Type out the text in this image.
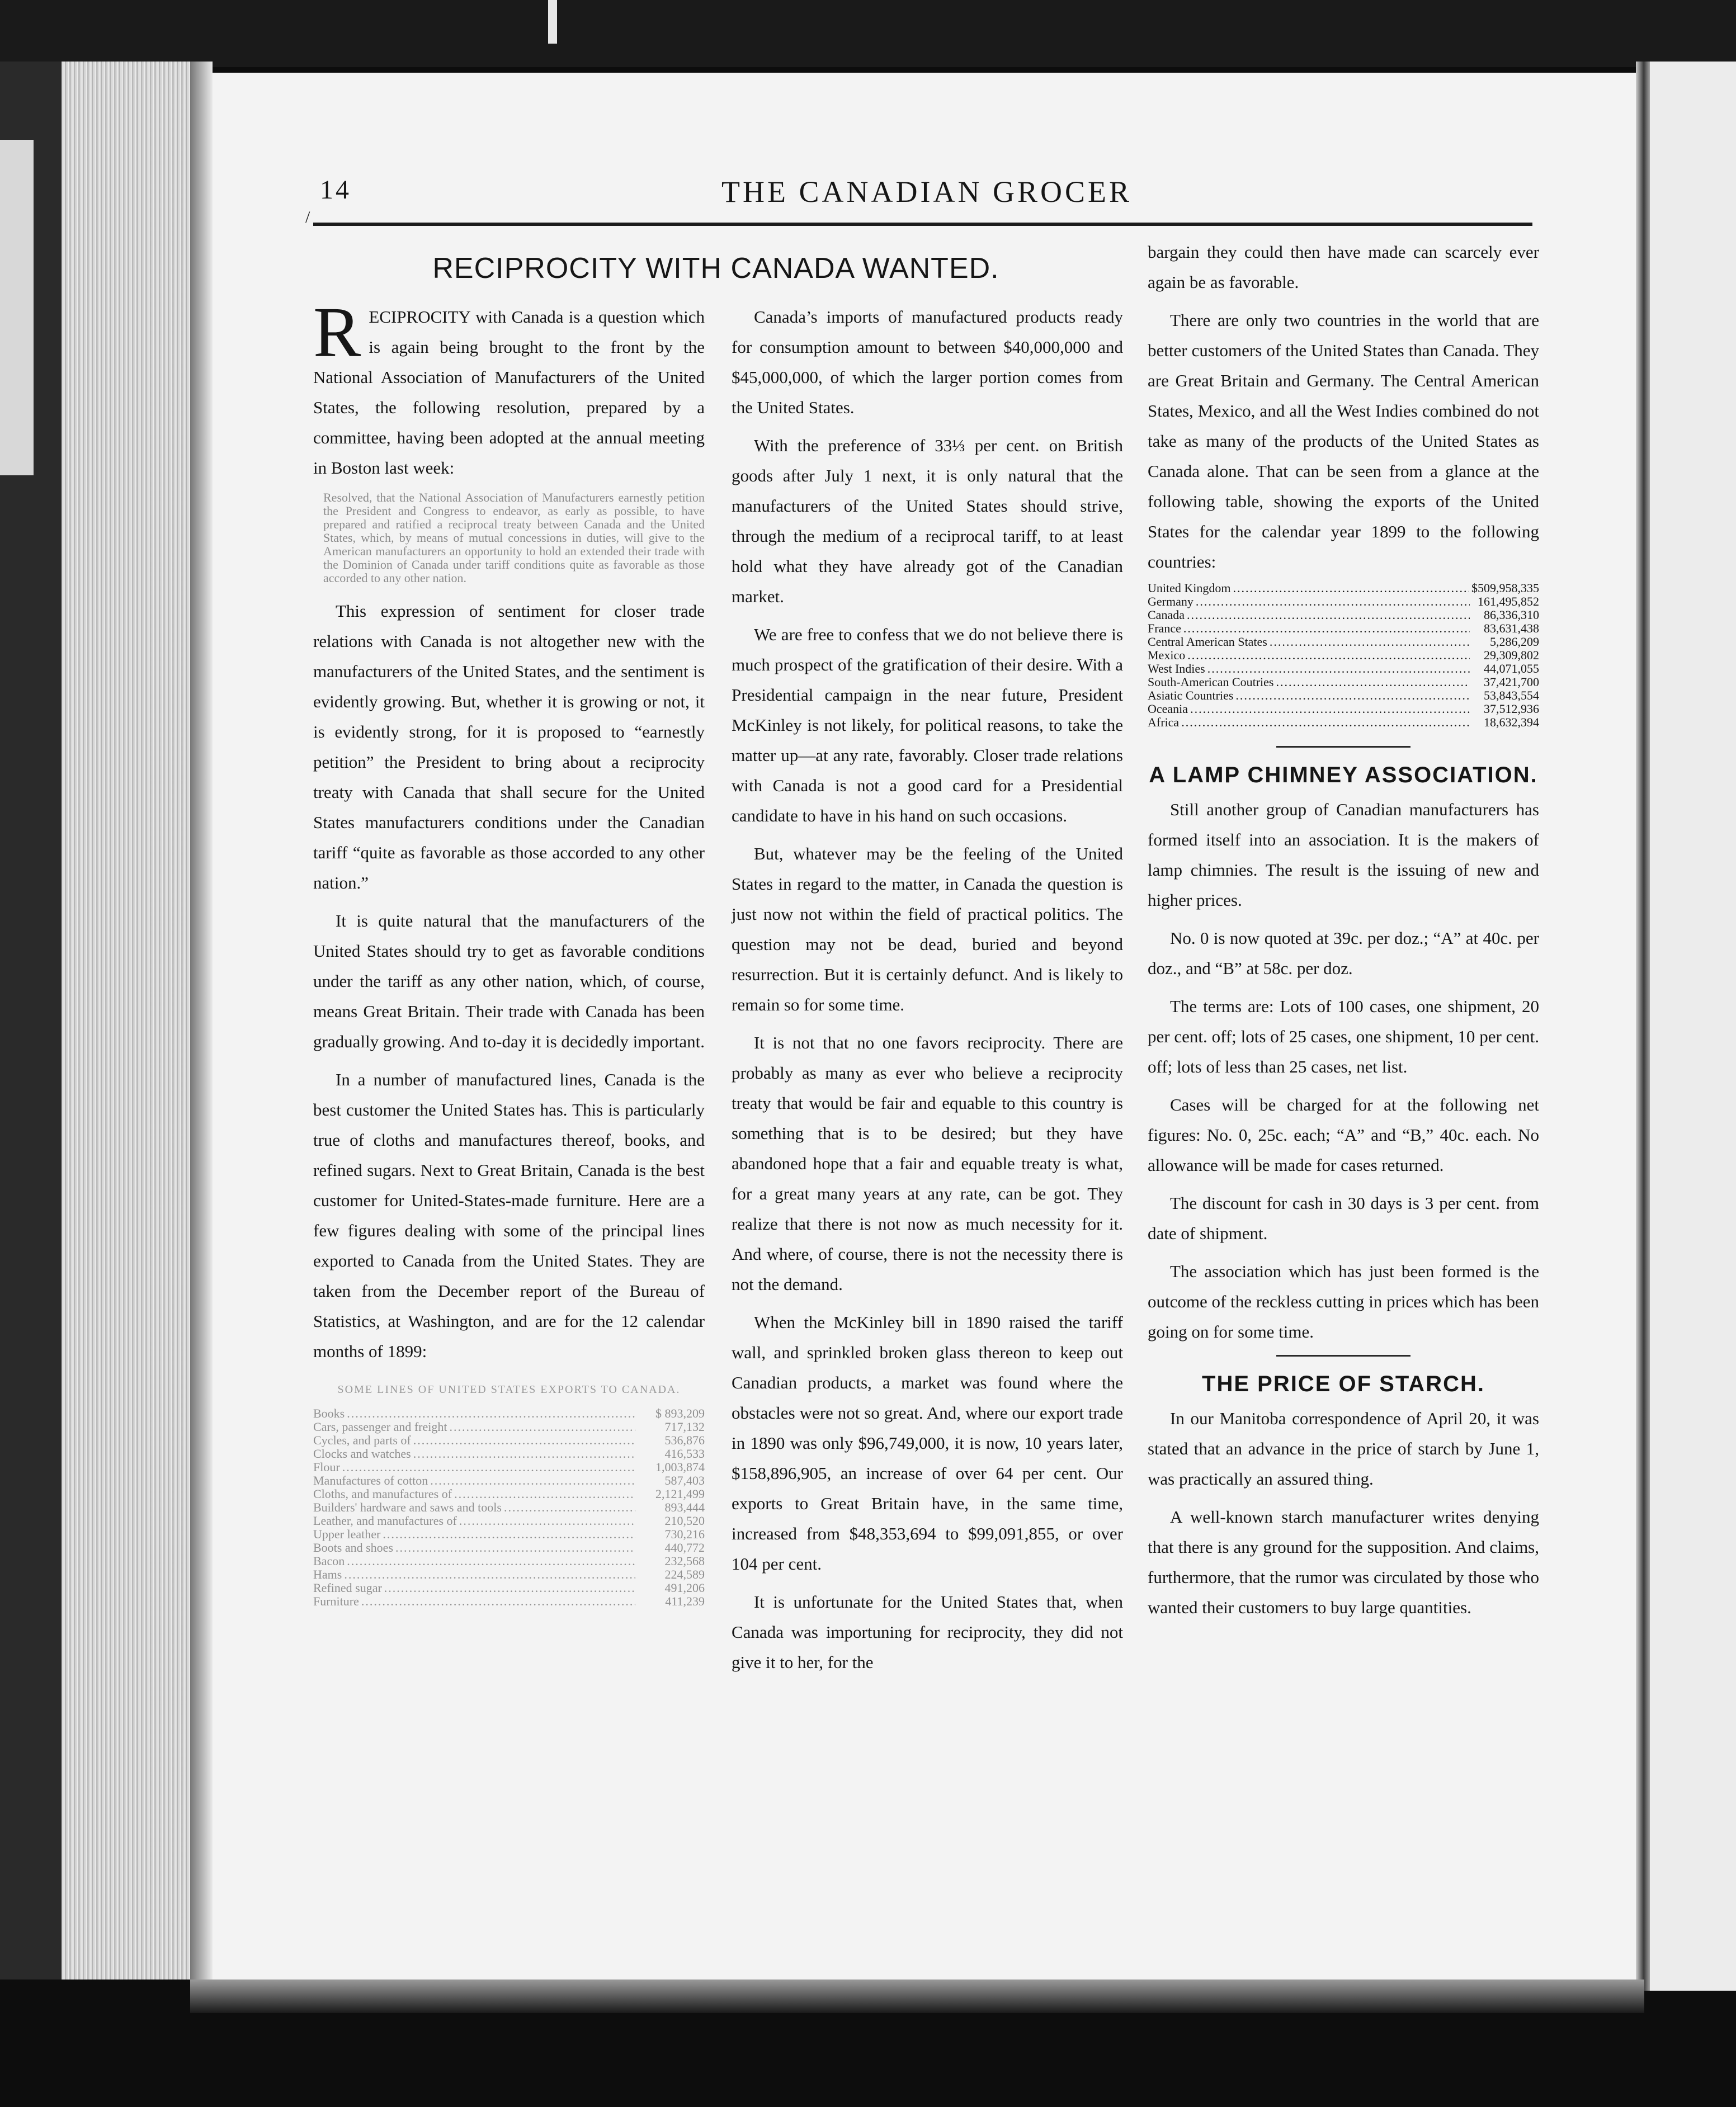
14
/
THE CANADIAN GROCER
RECIPROCITY WITH CANADA WANTED.

R ECIPROCITY with Canada is a question which is again being brought to the front by the National Association of Manufacturers of the United States, the following resolution, prepared by a committee, having been adopted at the annual meeting in Boston last week:

Resolved, that the National Association of Manufacturers earnestly petition the President and Congress to endeavor, as early as possible, to have prepared and ratified a reciprocal treaty between Canada and the United States, which, by means of mutual concessions in duties, will give to the American manufacturers an opportunity to hold an extended their trade with the Dominion of Canada under tariff conditions quite as favorable as those accorded to any other nation.

This expression of sentiment for closer trade relations with Canada is not altogether new with the manufacturers of the United States, and the sentiment is evidently growing. But, whether it is growing or not, it is evidently strong, for it is proposed to “earnestly petition” the President to bring about a reciprocity treaty with Canada that shall secure for the United States manufacturers conditions under the Canadian tariff “quite as favorable as those accorded to any other nation.”

It is quite natural that the manufacturers of the United States should try to get as favorable conditions under the tariff as any other nation, which, of course, means Great Britain. Their trade with Canada has been gradually growing. And to-day it is decidedly important.

In a number of manufactured lines, Canada is the best customer the United States has. This is particularly true of cloths and manufactures thereof, books, and refined sugars. Next to Great Britain, Canada is the best customer for United-States-made furniture. Here are a few figures dealing with some of the principal lines exported to Canada from the United States. They are taken from the December report of the Bureau of Statistics, at Washington, and are for the 12 calendar months of 1899:

SOME LINES OF UNITED STATES EXPORTS TO CANADA.
Books .....	$ 893,209
Cars, passenger and freight .....	717,132
Cycles, and parts of .....	536,876
Clocks and watches .....	416,533
Flour .....	1,003,874
Manufactures of cotton .....	587,403
Cloths, and manufactures of .....	2,121,499
Builders' hardware and saws and tools .....	893,444
Leather, and manufactures of .....	210,520
Upper leather .....	730,216
Boots and shoes .....	440,772
Bacon .....	232,568
Hams .....	224,589
Refined sugar .....	491,206
Furniture .....	411,239

Canada’s imports of manufactured products ready for consumption amount to between $40,000,000 and $45,000,000, of which the larger portion comes from the United States.

With the preference of 33⅓ per cent. on British goods after July 1 next, it is only natural that the manufacturers of the United States should strive, through the medium of a reciprocal tariff, to at least hold what they have already got of the Canadian market.

We are free to confess that we do not believe there is much prospect of the gratification of their desire. With a Presidential campaign in the near future, President McKinley is not likely, for political reasons, to take the matter up—at any rate, favorably. Closer trade relations with Canada is not a good card for a Presidential candidate to have in his hand on such occasions.

But, whatever may be the feeling of the United States in regard to the matter, in Canada the question is just now not within the field of practical politics. The question may not be dead, buried and beyond resurrection. But it is certainly defunct. And is likely to remain so for some time.

It is not that no one favors reciprocity. There are probably as many as ever who believe a reciprocity treaty that would be fair and equable to this country is something that is to be desired; but they have abandoned hope that a fair and equable treaty is what, for a great many years at any rate, can be got. They realize that there is not now as much necessity for it. And where, of course, there is not the necessity there is not the demand.

When the McKinley bill in 1890 raised the tariff wall, and sprinkled broken glass thereon to keep out Canadian products, a market was found where the obstacles were not so great. And, where our export trade in 1890 was only $96,749,000, it is now, 10 years later, $158,896,905, an increase of over 64 per cent. Our exports to Great Britain have, in the same time, increased from $48,353,694 to $99,091,855, or over 104 per cent.

It is unfortunate for the United States that, when Canada was importuning for reciprocity, they did not give it to her, for the

bargain they could then have made can scarcely ever again be as favorable.

There are only two countries in the world that are better customers of the United States than Canada. They are Great Britain and Germany. The Central American States, Mexico, and all the West Indies combined do not take as many of the products of the United States as Canada alone. That can be seen from a glance at the following table, showing the exports of the United States for the calendar year 1899 to the following countries:

United Kingdom .....	$509,958,335
Germany .....	161,495,852
Canada .....	86,336,310
France .....	83,631,438
Central American States .....	5,286,209
Mexico .....	29,309,802
West Indies .....	44,071,055
South-American Coutries .....	37,421,700
Asiatic Countries .....	53,843,554
Oceania .....	37,512,936
Africa .....	18,632,394
A LAMP CHIMNEY ASSOCIATION.

Still another group of Canadian manufacturers has formed itself into an association. It is the makers of lamp chimnies. The result is the issuing of new and higher prices.

No. 0 is now quoted at 39c. per doz.; “A” at 40c. per doz., and “B” at 58c. per doz.

The terms are: Lots of 100 cases, one shipment, 20 per cent. off; lots of 25 cases, one shipment, 10 per cent. off; lots of less than 25 cases, net list.

Cases will be charged for at the following net figures: No. 0, 25c. each; “A” and “B,” 40c. each. No allowance will be made for cases returned.

The discount for cash in 30 days is 3 per cent. from date of shipment.

The association which has just been formed is the outcome of the reckless cutting in prices which has been going on for some time.

THE PRICE OF STARCH.

In our Manitoba correspondence of April 20, it was stated that an advance in the price of starch by June 1, was practically an assured thing.

A well-known starch manufacturer writes denying that there is any ground for the supposition. And claims, furthermore, that the rumor was circulated by those who wanted their customers to buy large quantities.
